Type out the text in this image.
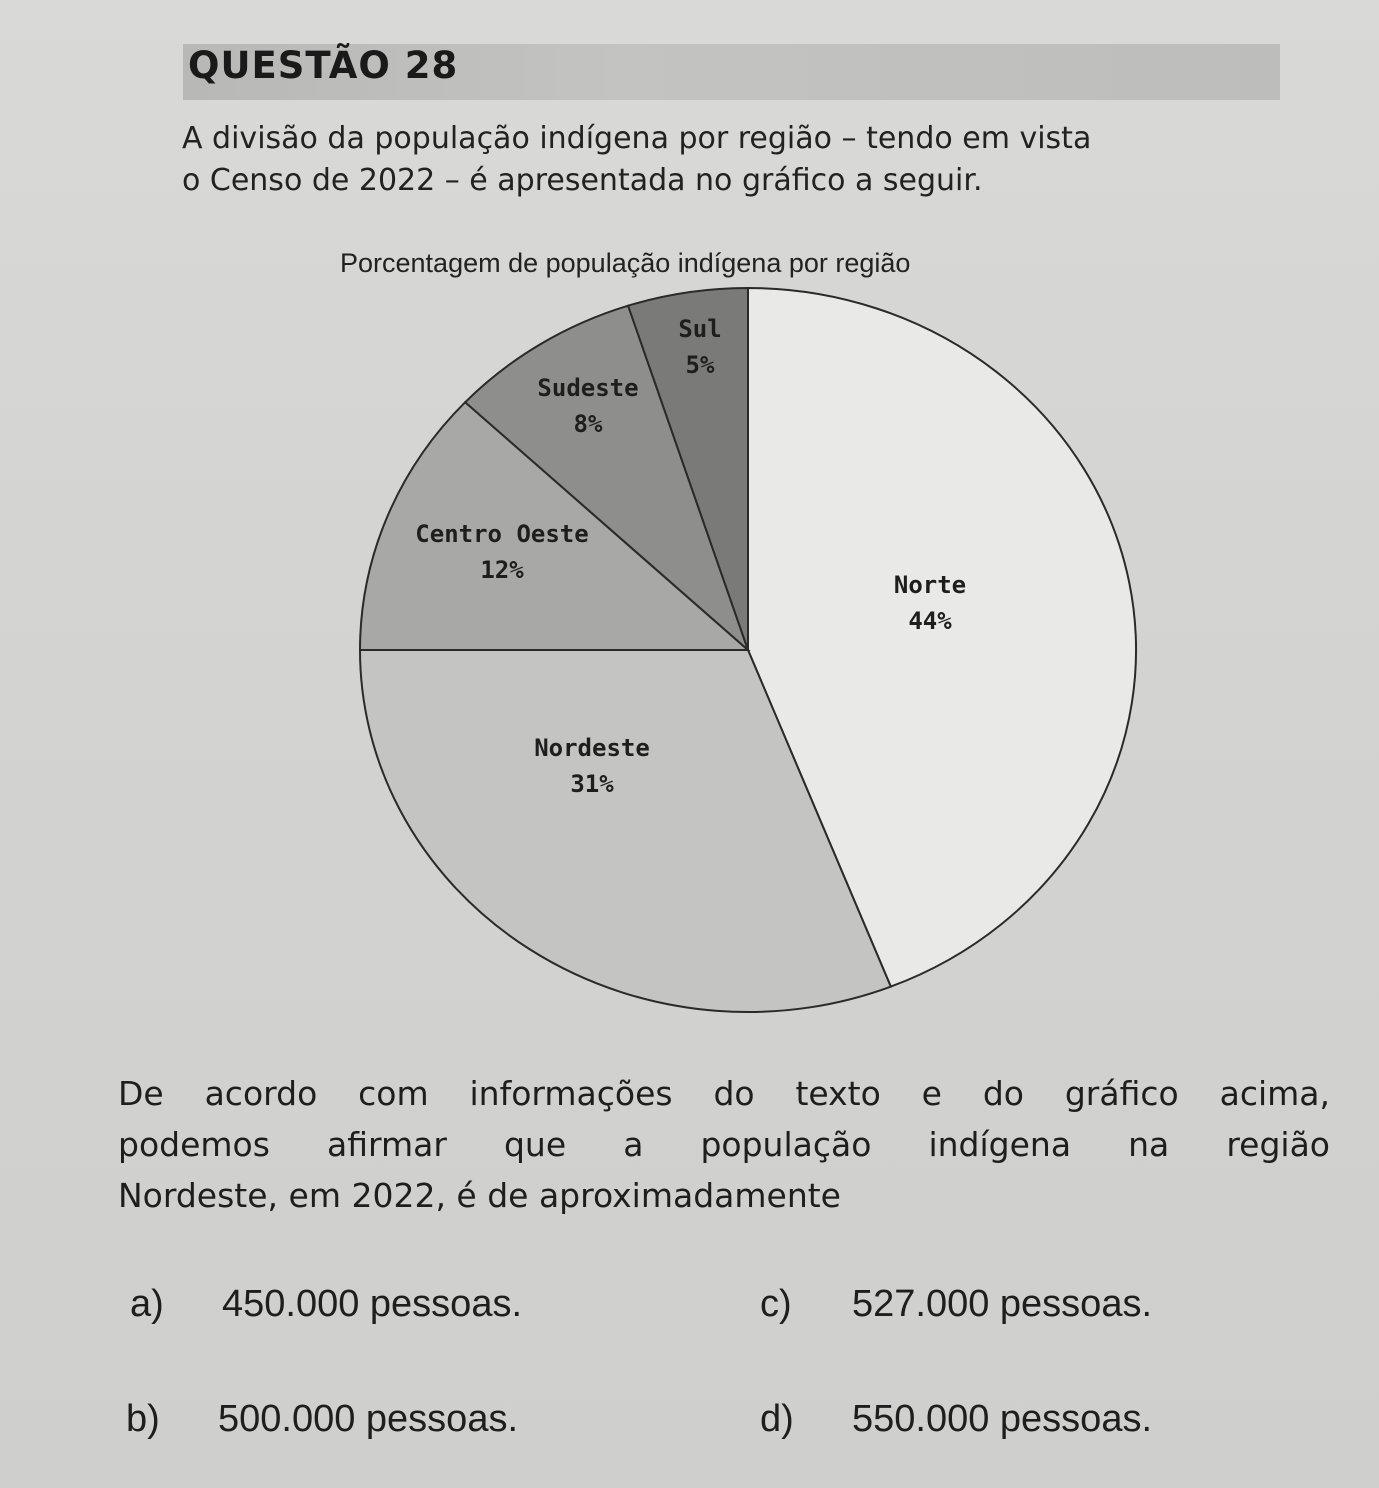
QUESTÃO 28
A divisão da população indígena por região – tendo em vista
o Censo de 2022 – é apresentada no gráfico a seguir.
Porcentagem de população indígena por região
Norte
44%
Nordeste
31%
Centro Oeste
12%
Sudeste
8%
Sul
5%
De acordo com informações do texto e do gráfico acima,
podemos afirmar que a população indígena na região
Nordeste, em 2022, é de aproximadamente
a) 450.000 pessoas.
b) 500.000 pessoas.
c) 527.000 pessoas.
d) 550.000 pessoas.
